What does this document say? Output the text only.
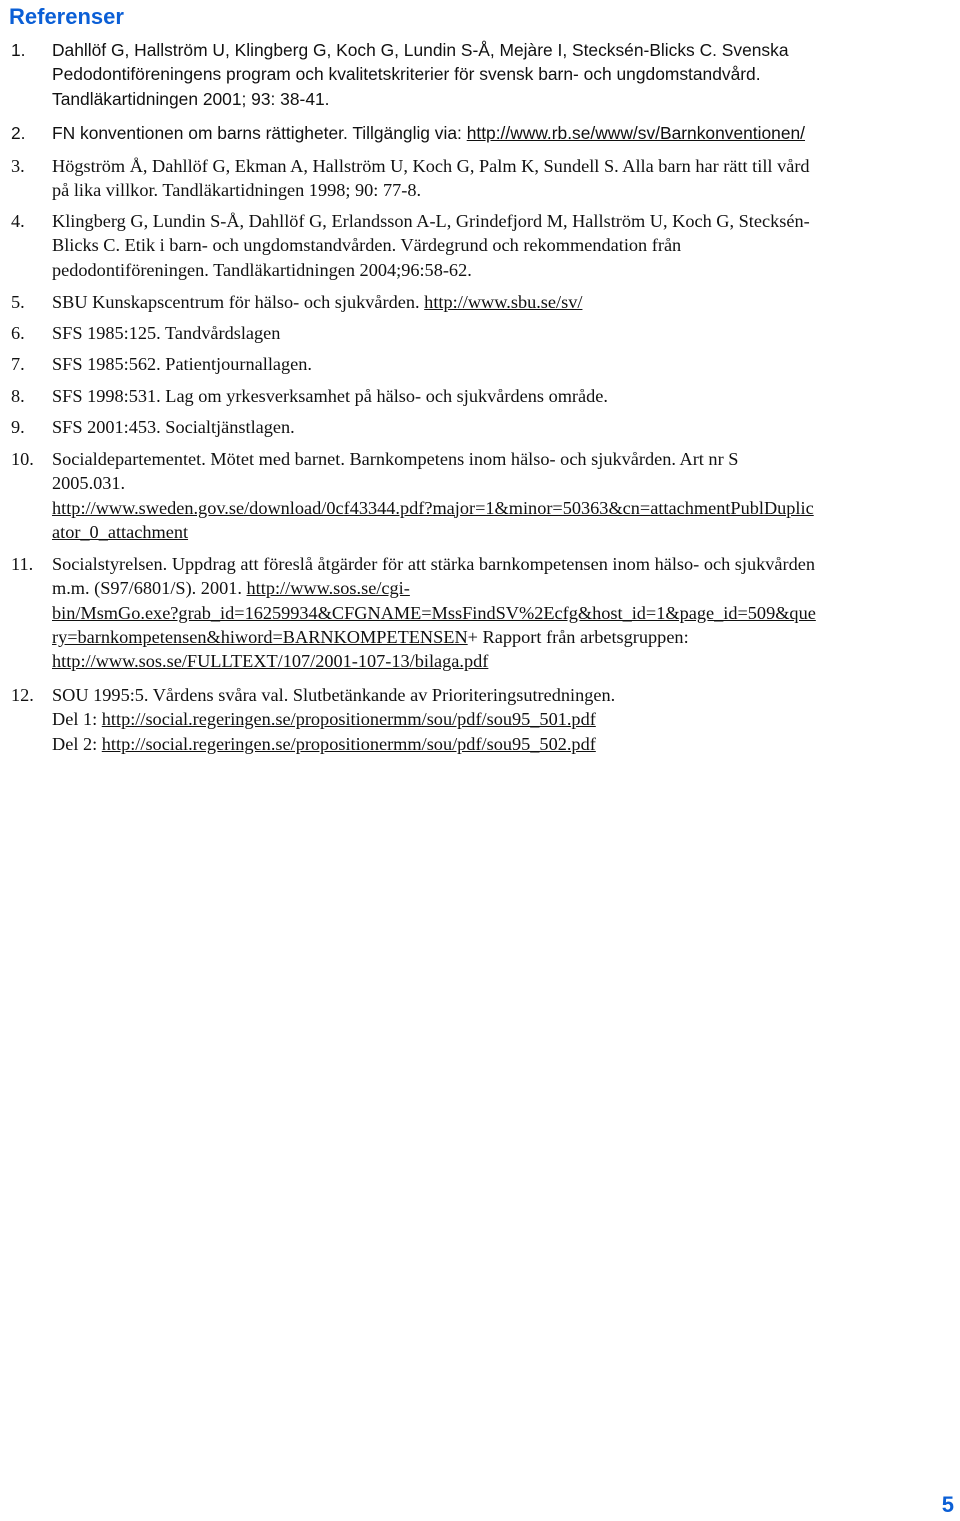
Referenser
1. Dahllöf G, Hallström U, Klingberg G, Koch G, Lundin S-Å, Mejàre I, Stecksén-Blicks C. Svenska
Pedodontiföreningens program och kvalitetskriterier för svensk barn- och ungdomstandvård.
Tandläkartidningen 2001; 93: 38-41.
2. FN konventionen om barns rättigheter. Tillgänglig via: http://www.rb.se/www/sv/Barnkonventionen/
3. Högström Å, Dahllöf G, Ekman A, Hallström U, Koch G, Palm K, Sundell S. Alla barn har rätt till vård
på lika villkor. Tandläkartidningen 1998; 90: 77-8.
4. Klingberg G, Lundin S-Å, Dahllöf G, Erlandsson A-L, Grindefjord M, Hallström U, Koch G, Stecksén-
Blicks C. Etik i barn- och ungdomstandvården. Värdegrund och rekommendation från
pedodontiföreningen. Tandläkartidningen 2004;96:58-62.
5. SBU Kunskapscentrum för hälso- och sjukvården. http://www.sbu.se/sv/
6. SFS 1985:125. Tandvårdslagen
7. SFS 1985:562. Patientjournallagen.
8. SFS 1998:531. Lag om yrkesverksamhet på hälso- och sjukvårdens område.
9. SFS 2001:453. Socialtjänstlagen.
10. Socialdepartementet. Mötet med barnet. Barnkompetens inom hälso- och sjukvården. Art nr S
2005.031.
http://www.sweden.gov.se/download/0cf43344.pdf?major=1&minor=50363&cn=attachmentPublDuplic
ator_0_attachment
11. Socialstyrelsen. Uppdrag att föreslå åtgärder för att stärka barnkompetensen inom hälso- och sjukvården
m.m. (S97/6801/S). 2001. http://www.sos.se/cgi-
bin/MsmGo.exe?grab_id=16259934&CFGNAME=MssFindSV%2Ecfg&host_id=1&page_id=509&que
ry=barnkompetensen&hiword=BARNKOMPETENSEN+ Rapport från arbetsgruppen:
http://www.sos.se/FULLTEXT/107/2001-107-13/bilaga.pdf
12. SOU 1995:5. Vårdens svåra val. Slutbetänkande av Prioriteringsutredningen.
Del 1: http://social.regeringen.se/propositionermm/sou/pdf/sou95_501.pdf
Del 2: http://social.regeringen.se/propositionermm/sou/pdf/sou95_502.pdf
5
